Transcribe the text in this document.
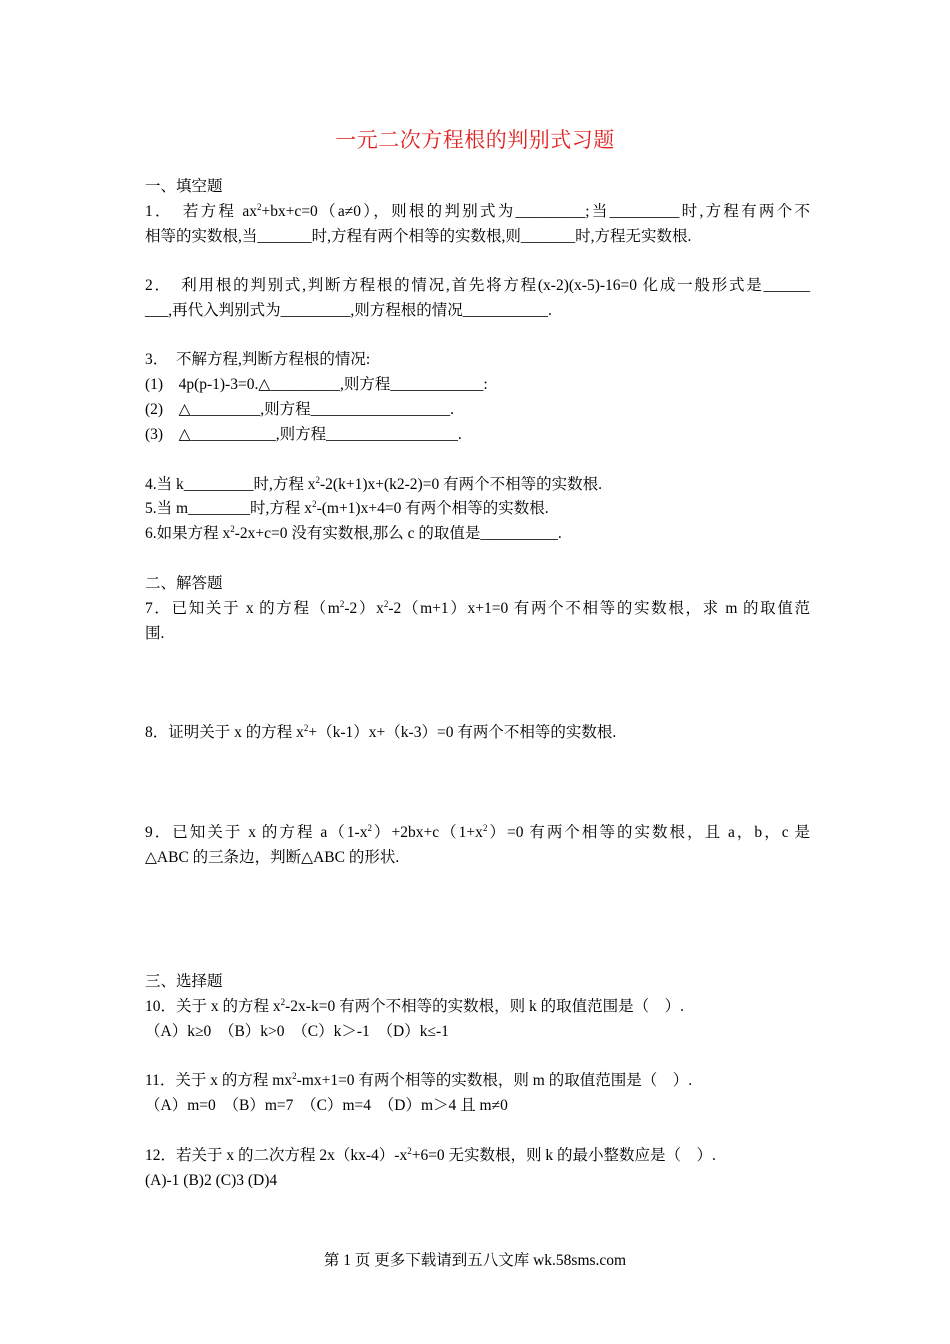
一元二次方程根的判别式习题
一、填空题
1．　若方程 $ax^2+bx+c=0(a\ne 0)$，则根的判别式为_________;当_________时,方程有两个不
相等的实数根,当_______时,方程有两个相等的实数根,则_______时,方程无实数根.
2．　利用根的判别式,判断方程根的情况,首先将方程(x-2)(x-5)-16=0 化成一般形式是______
___,再代入判别式为_________,则方程根的情况___________.
3．　不解方程,判断方程根的情况:
(1)　4p(p-1)-3=0.△_________,则方程____________:
(2)　△_________,则方程__________________.
(3)　△___________,则方程_________________.
4.当 k_________时,方程 $x^2-2(k+1)x+(k2-2)=0$ 有两个不相等的实数根.
5.当 m________时,方程 $x^2-(m+1)x+4=0$ 有两个相等的实数根.
6.如果方程 $x^2-2x+c=0$ 没有实数根,那么 c 的取值是__________.
二、解答题
7．已知关于 x 的方程$(m^2-2)x^2-2(m+1)x+1=0$ 有两个不相等的实数根，求 m 的取值范
围.
8．证明关于 x 的方程 $x^2+(k-1)x+(k-3)=0$ 有两个不相等的实数根.
9．已知关于 x 的方程 $a(1-x^2)+2bx+c(1+x^2)=0$ 有两个相等的实数根，且 a，b，c 是
△ABC 的三条边，判断△ABC 的形状.
三、选择题
10．关于 x 的方程 $x^2-2x-k=0$ 有两个不相等的实数根，则 k 的取值范围是（　）.
（A）k≥0　（B）k>0　（C）k＞-1　（D）k≤-1
11．关于 x 的方程 $mx^2-mx+1=0$ 有两个相等的实数根，则 m 的取值范围是（　）.
（A）m=0　（B）m=7　（C）m=4　（D）m＞4 且 m≠0
12．若关于 x 的二次方程 $2x(kx-4)-x^2+6=0$ 无实数根，则 k 的最小整数应是（　）.
(A)-1 (B)2 (C)3 (D)4
第 1 页 更多下载请到五八文库 wk.58sms.com
